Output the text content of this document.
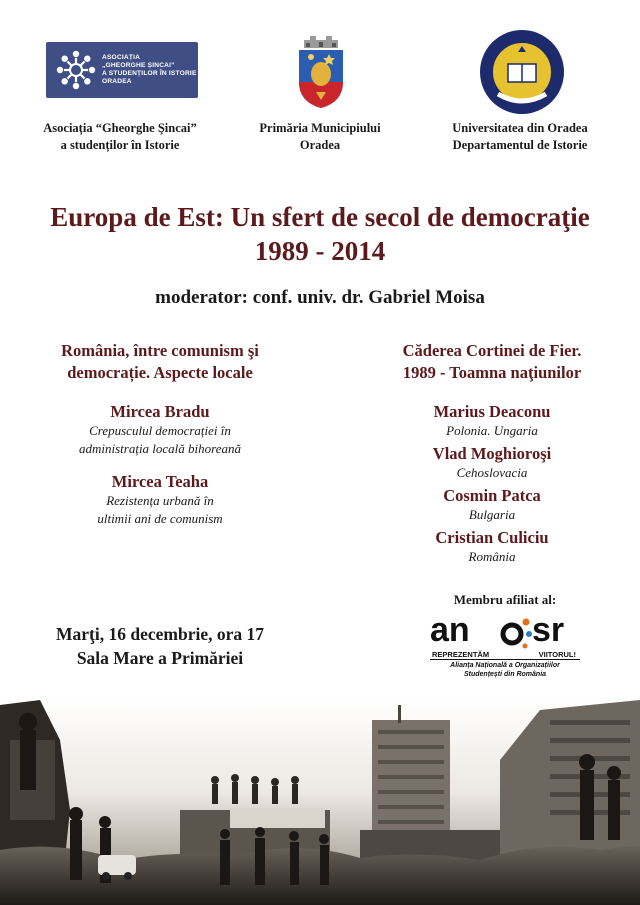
ASOCIAȚIA
„GHEORGHE ȘINCAI”
A STUDENȚILOR ÎN ISTORIE
ORADEA
Asociația “Gheorghe Şincai”
a studenților în Istorie
Primăria Municipiului
Oradea
Universitatea din Oradea
Departamentul de Istorie
Europa de Est: Un sfert de secol de democraţie
1989 - 2014
moderator: conf. univ. dr. Gabriel Moisa
România, între comunism şi
democrație. Aspecte locale
Mircea Bradu
Crepusculul democrației în
administrația locală bihoreană
Mircea Teaha
Rezistența urbană în
ultimii ani de comunism
Căderea Cortinei de Fier.
1989 - Toamna naţiunilor
Marius Deaconu
Polonia. Ungaria
Vlad Moghioroşi
Cehoslovacia
Cosmin Patca
Bulgaria
Cristian Culiciu
România
Marţi, 16 decembrie, ora 17
Sala Mare a Primăriei
Membru afiliat al:
an sr
REPREZENTĂM	VIITORUL!
Alianța Națională a Organizațiilor
Studențești din România
